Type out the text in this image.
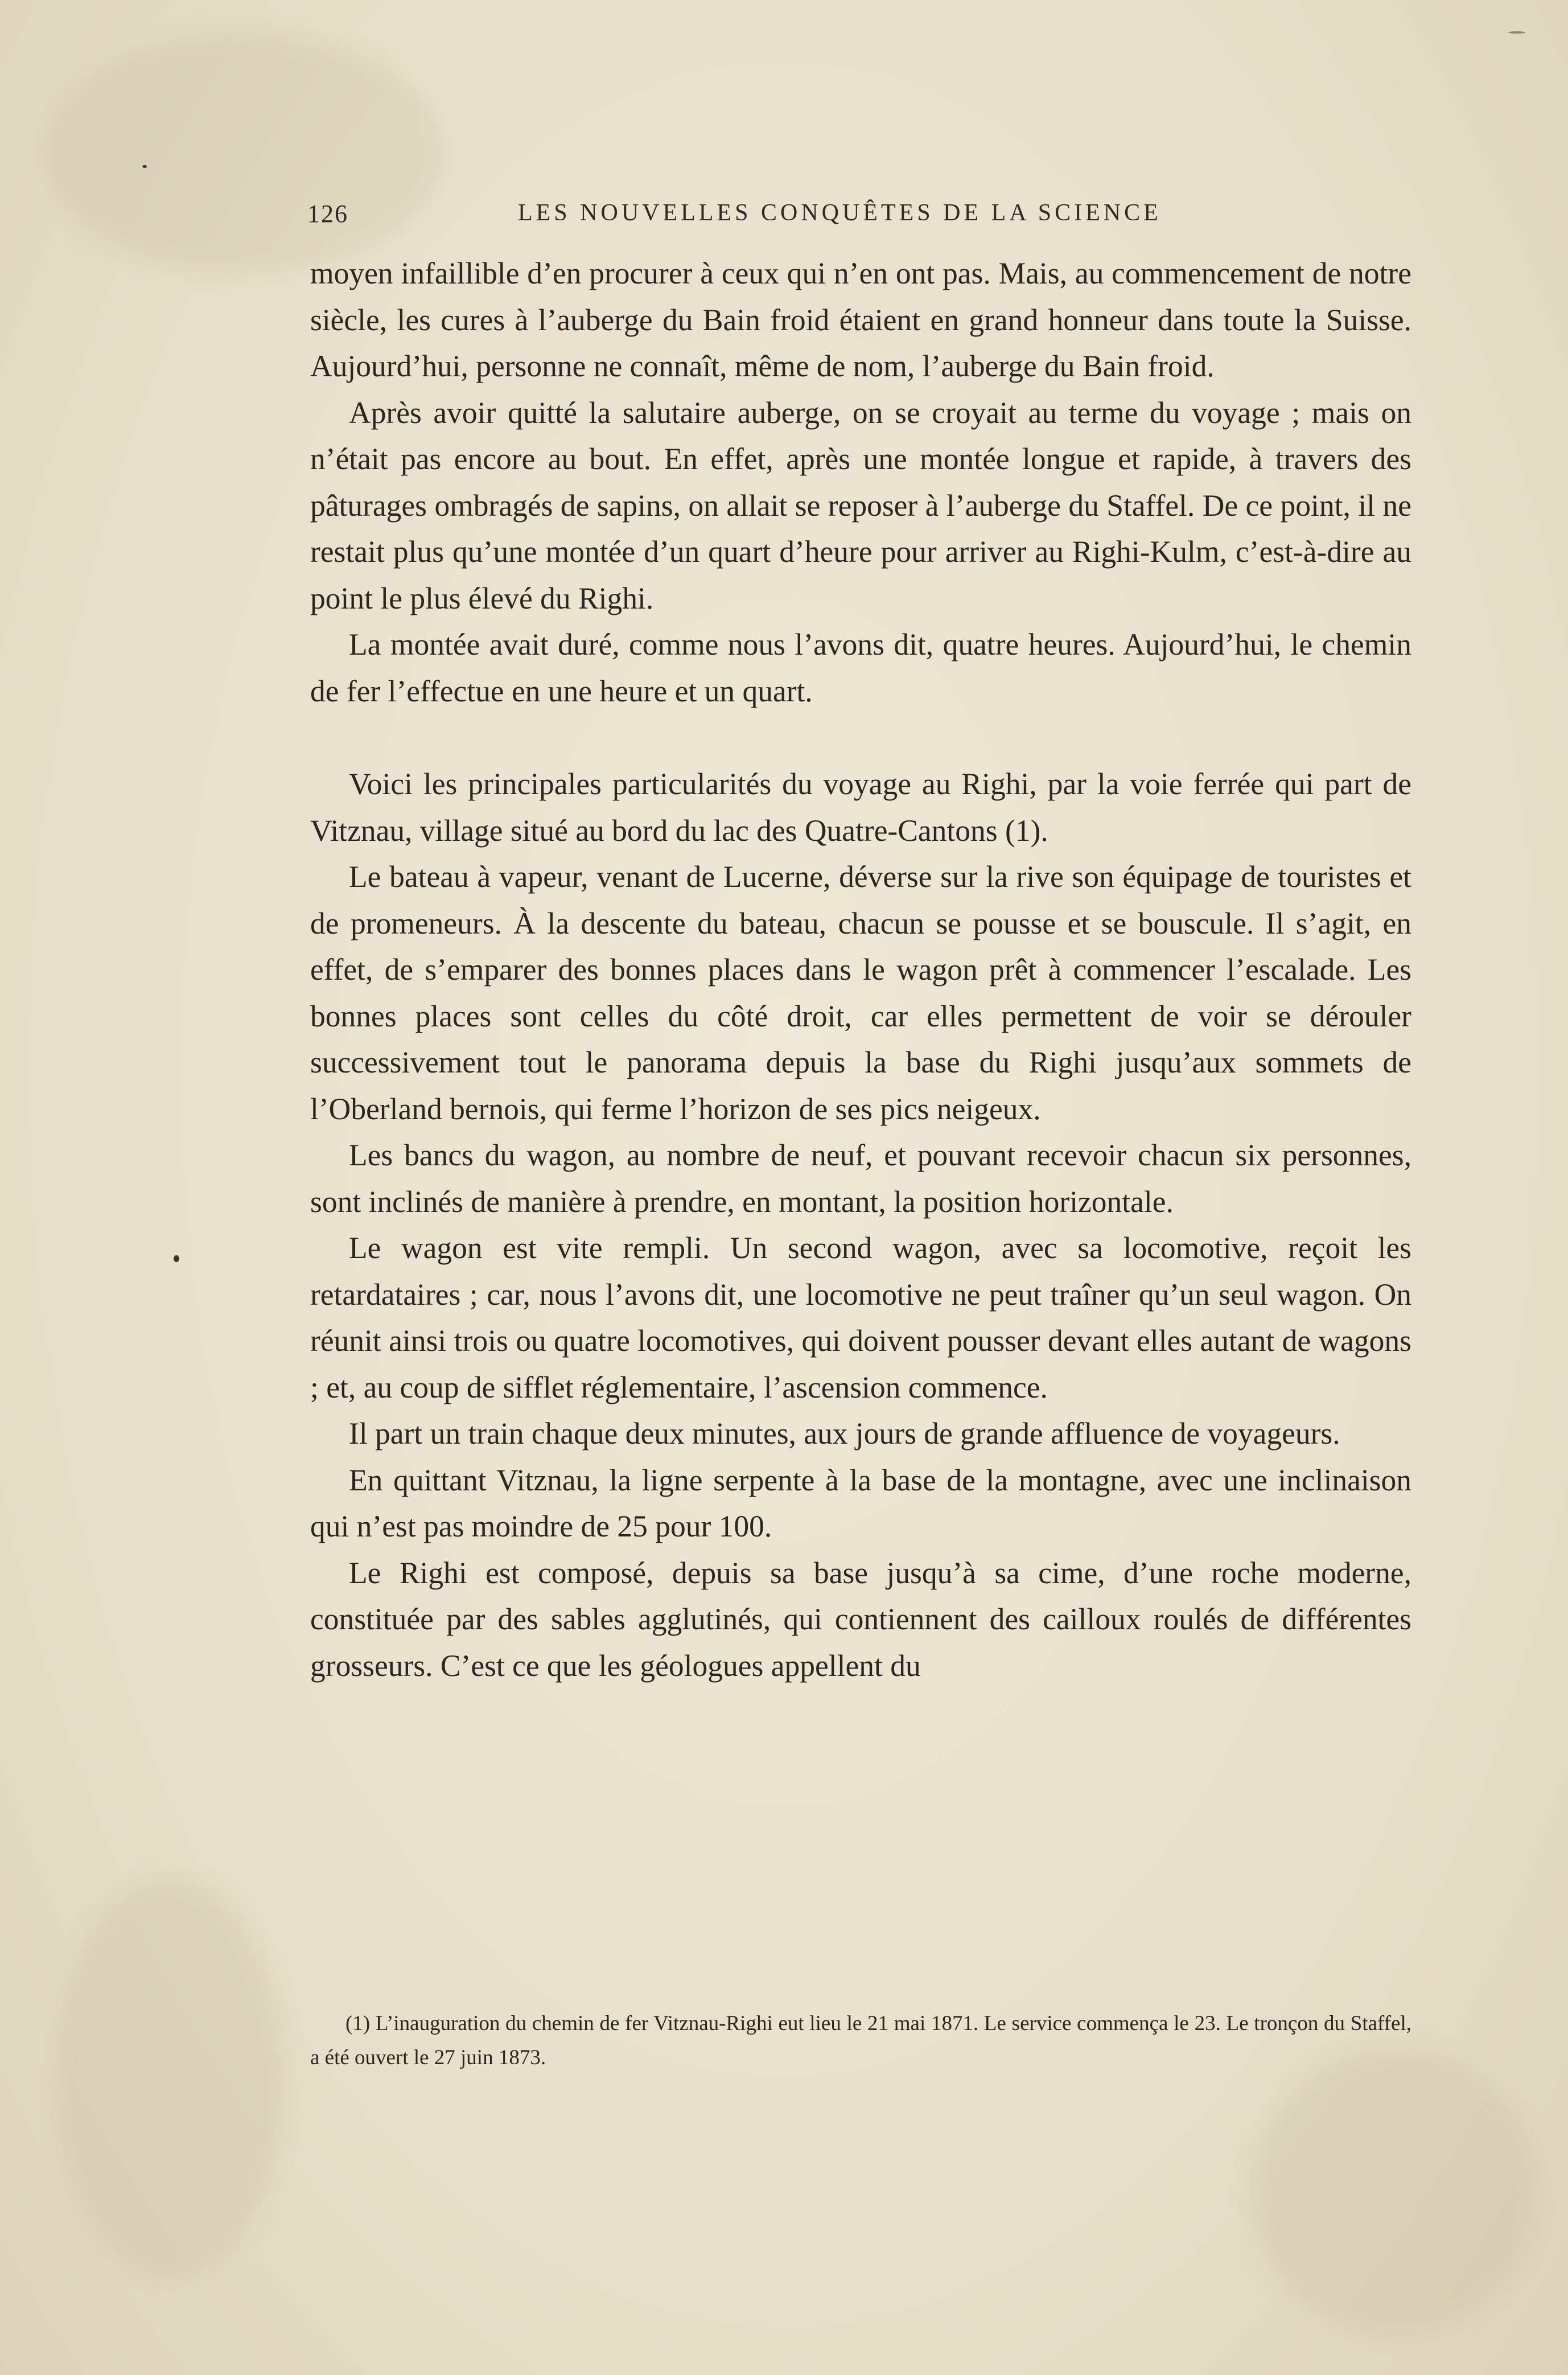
126	LES NOUVELLES CONQUÊTES DE LA SCIENCE

moyen infaillible d’en procurer à ceux qui n’en ont pas. Mais, au commencement de notre siècle, les cures à l’auberge du Bain froid étaient en grand honneur dans toute la Suisse. Aujourd’hui, personne ne connaît, même de nom, l’auberge du Bain froid.

Après avoir quitté la salutaire auberge, on se croyait au terme du voyage ; mais on n’était pas encore au bout. En effet, après une montée longue et rapide, à travers des pâturages ombragés de sapins, on allait se reposer à l’auberge du Staffel. De ce point, il ne restait plus qu’une montée d’un quart d’heure pour arriver au Righi-Kulm, c’est-à-dire au point le plus élevé du Righi.

La montée avait duré, comme nous l’avons dit, quatre heures. Aujourd’hui, le chemin de fer l’effectue en une heure et un quart.

Voici les principales particularités du voyage au Righi, par la voie ferrée qui part de Vitznau, village situé au bord du lac des Quatre-Cantons (1).

Le bateau à vapeur, venant de Lucerne, déverse sur la rive son équipage de touristes et de promeneurs. À la descente du bateau, chacun se pousse et se bouscule. Il s’agit, en effet, de s’emparer des bonnes places dans le wagon prêt à commencer l’escalade. Les bonnes places sont celles du côté droit, car elles permettent de voir se dérouler successivement tout le panorama depuis la base du Righi jusqu’aux sommets de l’Oberland bernois, qui ferme l’horizon de ses pics neigeux.

Les bancs du wagon, au nombre de neuf, et pouvant recevoir chacun six personnes, sont inclinés de manière à prendre, en montant, la position horizontale.

Le wagon est vite rempli. Un second wagon, avec sa locomotive, reçoit les retardataires ; car, nous l’avons dit, une locomotive ne peut traîner qu’un seul wagon. On réunit ainsi trois ou quatre locomotives, qui doivent pousser devant elles autant de wagons ; et, au coup de sifflet réglementaire, l’ascension commence.

Il part un train chaque deux minutes, aux jours de grande affluence de voyageurs.

En quittant Vitznau, la ligne serpente à la base de la montagne, avec une inclinaison qui n’est pas moindre de 25 pour 100.

Le Righi est composé, depuis sa base jusqu’à sa cime, d’une roche moderne, constituée par des sables agglutinés, qui contiennent des cailloux roulés de différentes grosseurs. C’est ce que les géologues appellent du

(1) L’inauguration du chemin de fer Vitznau-Righi eut lieu le 21 mai 1871. Le service commença le 23. Le tronçon du Staffel, a été ouvert le 27 juin 1873.
